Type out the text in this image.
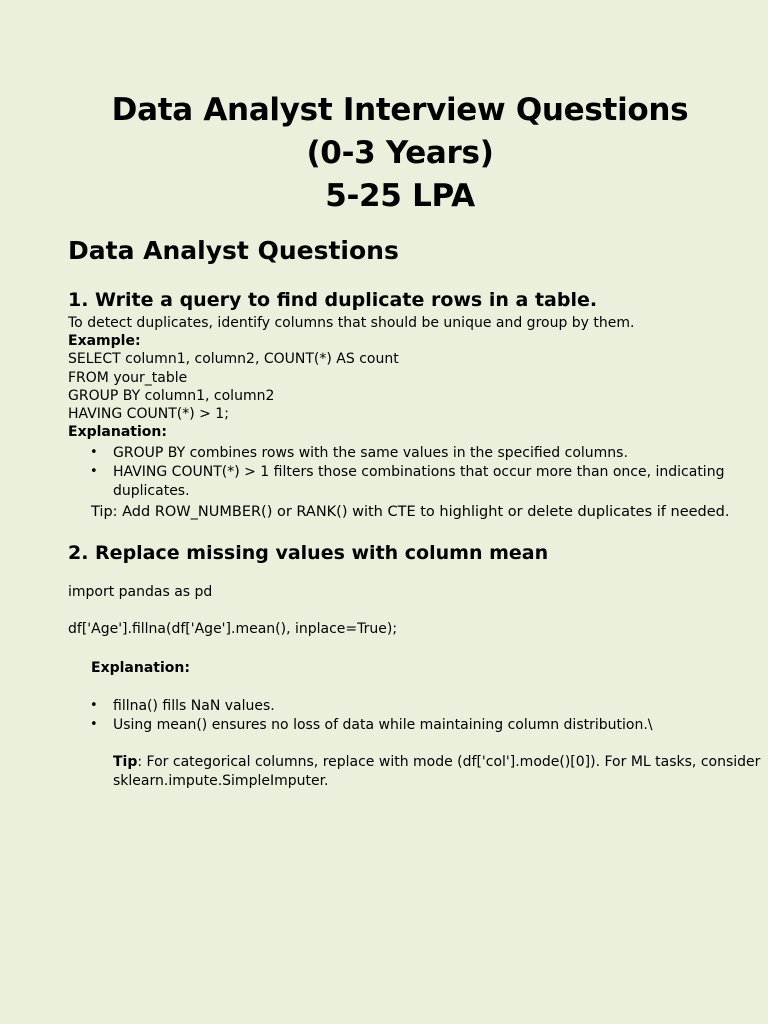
Data Analyst Interview Questions
(0-3 Years)
5-25 LPA
Data Analyst Questions
1. Write a query to find duplicate rows in a table.
To detect duplicates, identify columns that should be unique and group by them.
Example:
SELECT column1, column2, COUNT(*) AS count
FROM your_table
GROUP BY column1, column2
HAVING COUNT(*) > 1;
Explanation:
• GROUP BY combines rows with the same values in the specified columns.
• HAVING COUNT(*) > 1 filters those combinations that occur more than once, indicating
duplicates.
Tip: Add ROW_NUMBER() or RANK() with CTE to highlight or delete duplicates if needed.
2. Replace missing values with column mean
import pandas as pd
df['Age'].fillna(df['Age'].mean(), inplace=True);
Explanation:
• fillna() fills NaN values.
• Using mean() ensures no loss of data while maintaining column distribution.\
Tip: For categorical columns, replace with mode (df['col'].mode()[0]). For ML tasks, consider
sklearn.impute.SimpleImputer.
